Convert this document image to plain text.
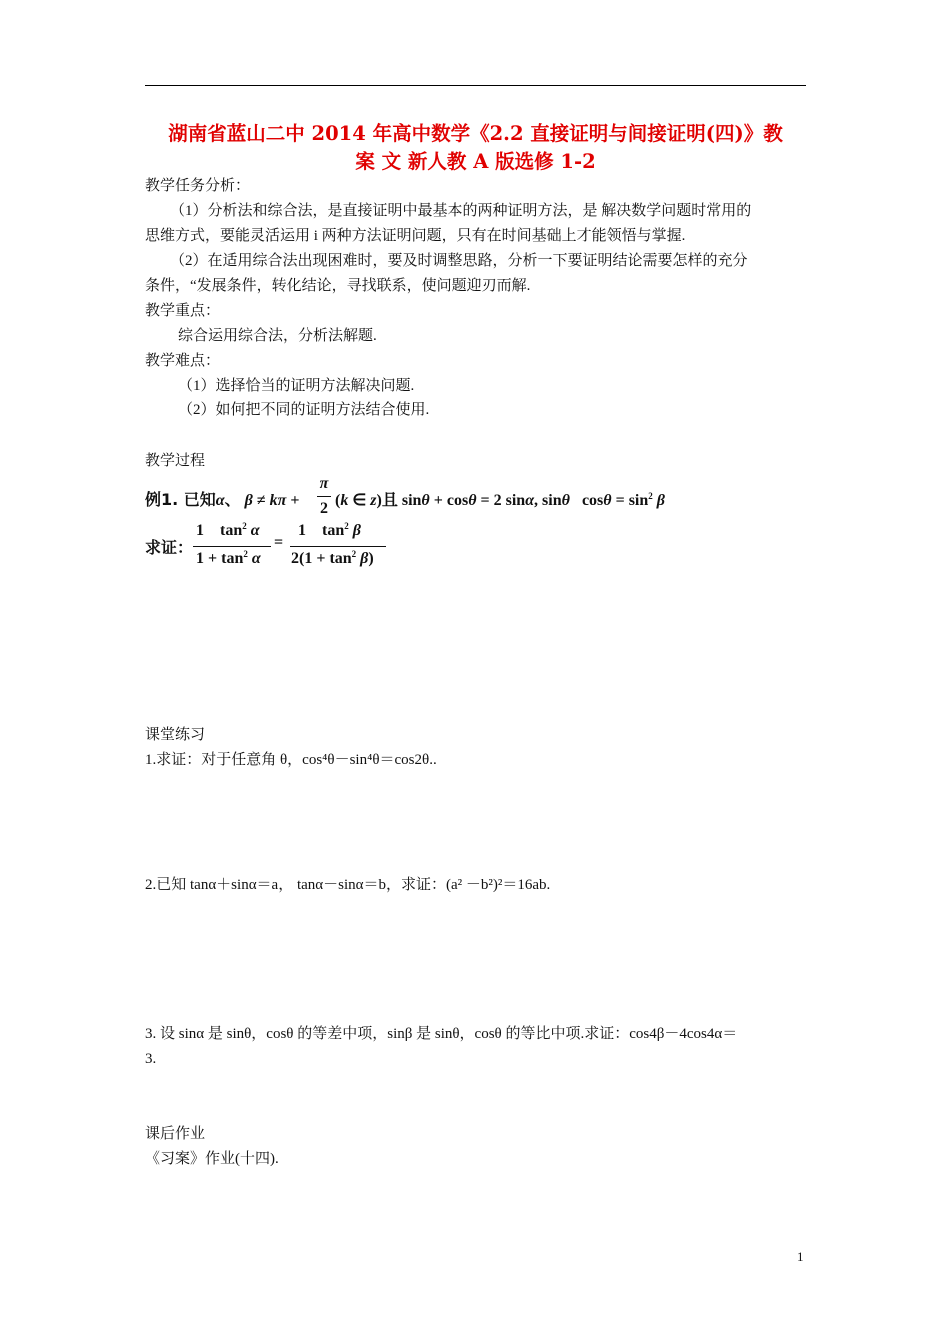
湖南省蓝山二中 2014 年高中数学《2.2 直接证明与间接证明(四)》教
案 文 新人教 A 版选修 1-2
教学任务分析：
（1）分析法和综合法，是直接证明中最基本的两种证明方法，是 解决数学问题时常用的
思维方式，要能灵活运用 i 两种方法证明问题，只有在时间基础上才能领悟与掌握.
（2）在适用综合法出现困难时，要及时调整思路，分析一下要证明结论需要怎样的充分
条件，“发展条件，转化结论，寻找联系，使问题迎刃而解.
教学重点：
综合运用综合法，分析法解题.
教学难点：
（1）选择恰当的证明方法解决问题.
（2）如何把不同的证明方法结合使用.
教学过程
例1. 已知α、 β ≠ kπ +
π
2 (k ∈ z)且 sinθ + cosθ = 2 sinα, sinθ   $\cos\theta = \sin^2 \beta$
求证：
1    $\tan^2 \alpha$
$1 + \tan^2 \alpha$
=
1    $\tan^2 \beta$
$2(1 + \tan^2 \beta)$
课堂练习
1.求证：对于任意角 θ，cos⁴θ－sin⁴θ＝cos2θ..
2.已知 tanα＋sinα＝a， tanα－sinα＝b，求证：(a² －b²)²＝16ab.
3. 设 sinα 是 sinθ，cosθ 的等差中项，sinβ 是 sinθ，cosθ 的等比中项.求证：cos4β－4cos4α＝
3.
课后作业
《习案》作业(十四).
1
